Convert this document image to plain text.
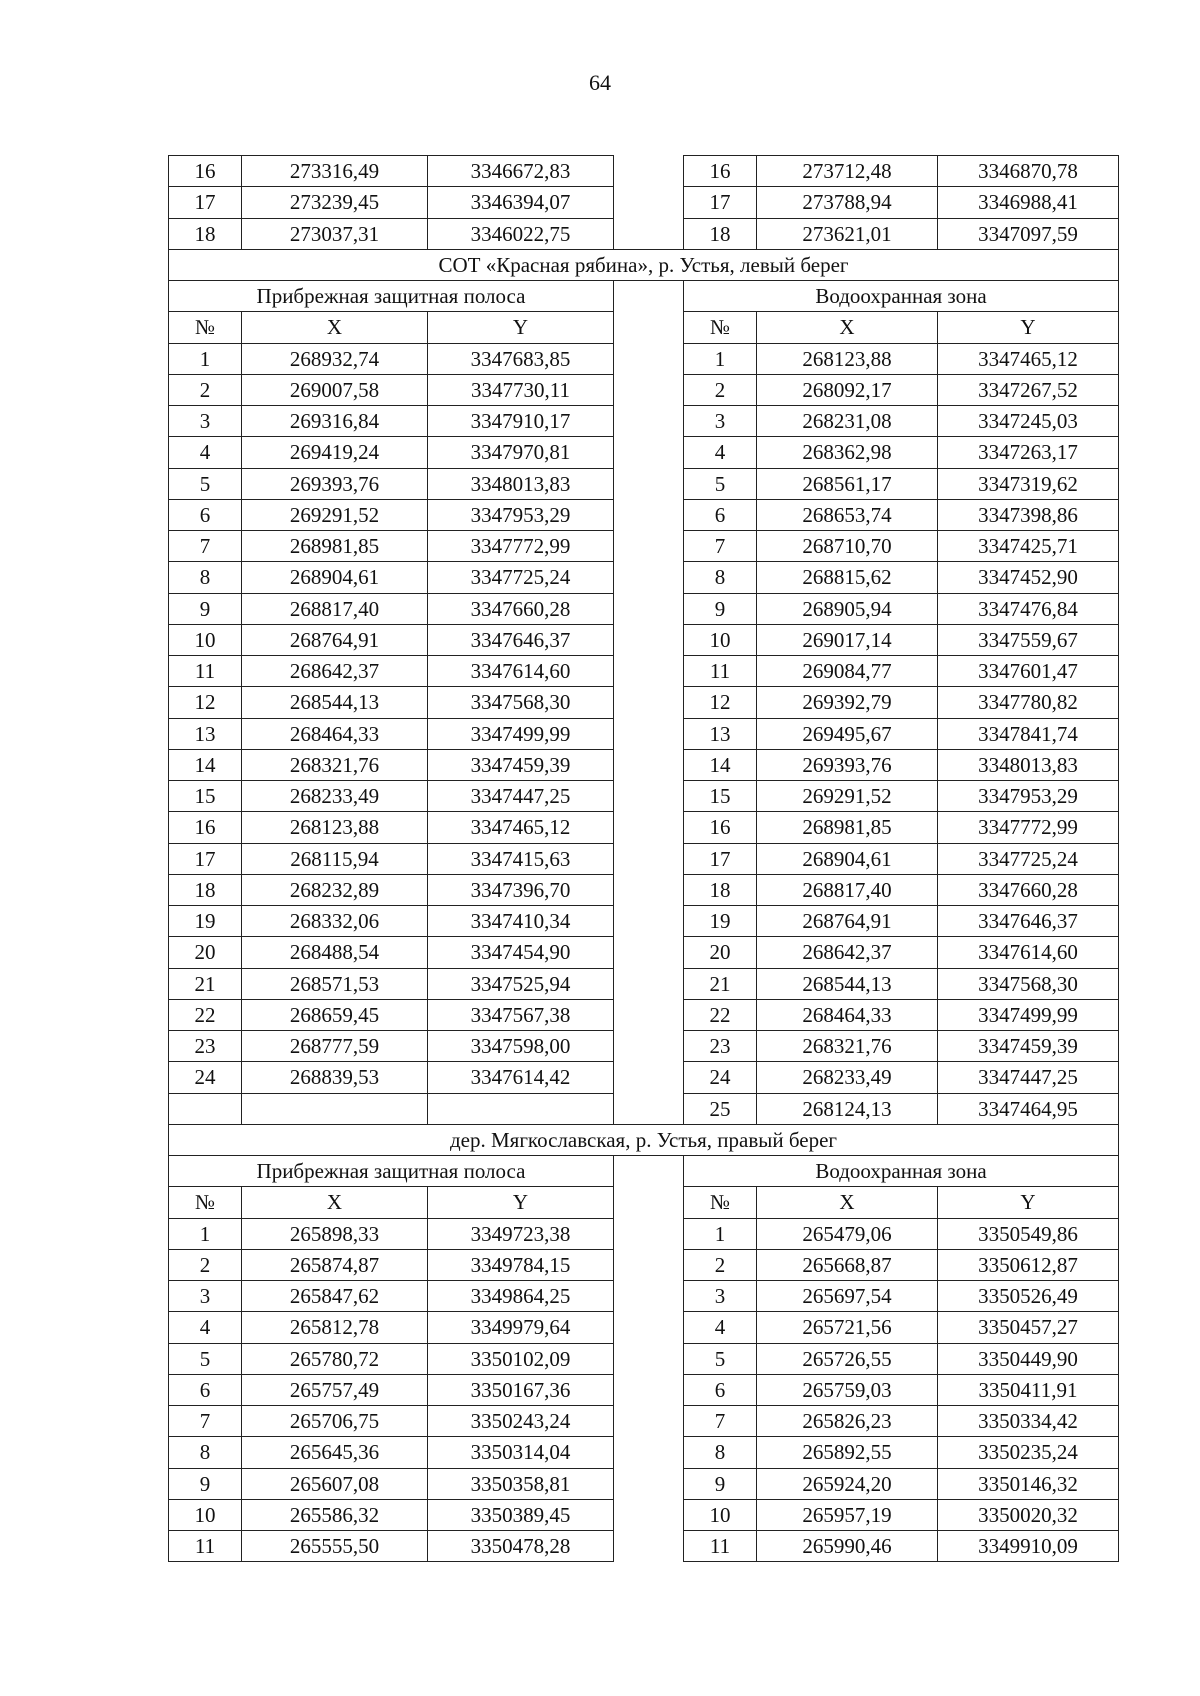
64
16	273316,49	3346672,83		16	273712,48	3346870,78
17	273239,45	3346394,07		17	273788,94	3346988,41
18	273037,31	3346022,75		18	273621,01	3347097,59
СОТ «Красная рябина», р. Устья, левый берег						
Прибрежная защитная полоса				Водоохранная зона		
№	X	Y		№	X	Y
1	268932,74	3347683,85		1	268123,88	3347465,12
2	269007,58	3347730,11		2	268092,17	3347267,52
3	269316,84	3347910,17		3	268231,08	3347245,03
4	269419,24	3347970,81		4	268362,98	3347263,17
5	269393,76	3348013,83		5	268561,17	3347319,62
6	269291,52	3347953,29		6	268653,74	3347398,86
7	268981,85	3347772,99		7	268710,70	3347425,71
8	268904,61	3347725,24		8	268815,62	3347452,90
9	268817,40	3347660,28		9	268905,94	3347476,84
10	268764,91	3347646,37		10	269017,14	3347559,67
11	268642,37	3347614,60		11	269084,77	3347601,47
12	268544,13	3347568,30		12	269392,79	3347780,82
13	268464,33	3347499,99		13	269495,67	3347841,74
14	268321,76	3347459,39		14	269393,76	3348013,83
15	268233,49	3347447,25		15	269291,52	3347953,29
16	268123,88	3347465,12		16	268981,85	3347772,99
17	268115,94	3347415,63		17	268904,61	3347725,24
18	268232,89	3347396,70		18	268817,40	3347660,28
19	268332,06	3347410,34		19	268764,91	3347646,37
20	268488,54	3347454,90		20	268642,37	3347614,60
21	268571,53	3347525,94		21	268544,13	3347568,30
22	268659,45	3347567,38		22	268464,33	3347499,99
23	268777,59	3347598,00		23	268321,76	3347459,39
24	268839,53	3347614,42		24	268233,49	3347447,25
				25	268124,13	3347464,95
дер. Мягкославская, р. Устья, правый берег						
Прибрежная защитная полоса				Водоохранная зона		
№	X	Y		№	X	Y
1	265898,33	3349723,38		1	265479,06	3350549,86
2	265874,87	3349784,15		2	265668,87	3350612,87
3	265847,62	3349864,25		3	265697,54	3350526,49
4	265812,78	3349979,64		4	265721,56	3350457,27
5	265780,72	3350102,09		5	265726,55	3350449,90
6	265757,49	3350167,36		6	265759,03	3350411,91
7	265706,75	3350243,24		7	265826,23	3350334,42
8	265645,36	3350314,04		8	265892,55	3350235,24
9	265607,08	3350358,81		9	265924,20	3350146,32
10	265586,32	3350389,45		10	265957,19	3350020,32
11	265555,50	3350478,28		11	265990,46	3349910,09
